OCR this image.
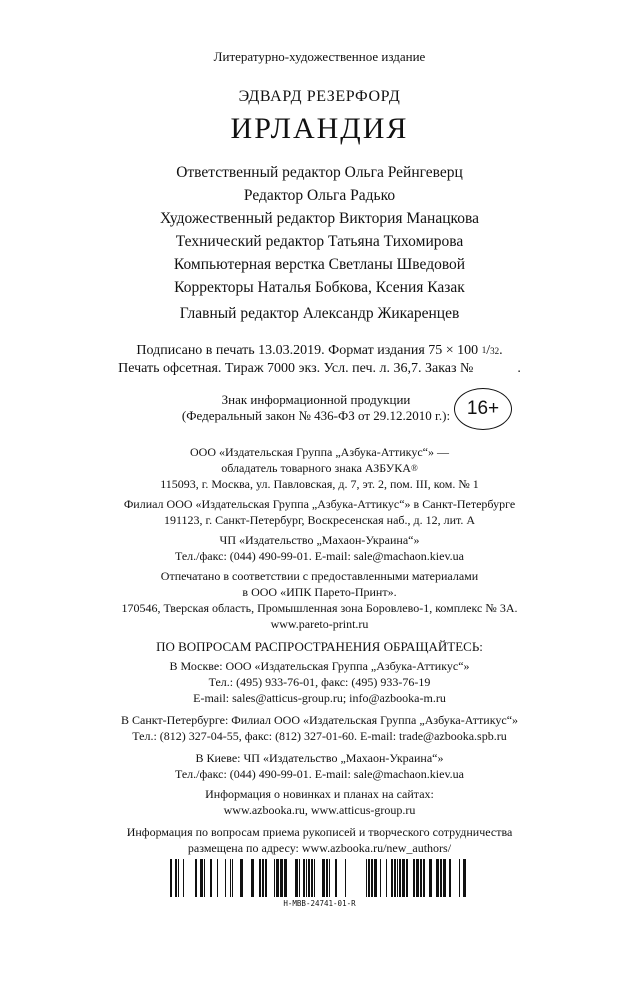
Литературно-художественное издание
ЭДВАРД РЕЗЕРФОРД
ИРЛАНДИЯ
Ответственный редактор Ольга Рейнгеверц
Редактор Ольга Радько
Художественный редактор Виктория Манацкова
Технический редактор Татьяна Тихомирова
Компьютерная верстка Светланы Шведовой
Корректоры Наталья Бобкова, Ксения Казак
Главный редактор Александр Жикаренцев
Подписано в печать 13.03.2019. Формат издания 75 × 100 $^1$/32.
Печать офсетная. Тираж 7000 экз. Усл. печ. л. 36,7. Заказ №	.
Знак информационной продукции
(Федеральный закон № 436-ФЗ от 29.12.2010 г.): 16+
ООО «Издательская Группа „Азбука-Аттикус“» —
обладатель товарного знака АЗБУКА®
115093, г. Москва, ул. Павловская, д. 7, эт. 2, пом. III, ком. № 1
Филиал ООО «Издательская Группа „Азбука-Аттикус“» в Санкт-Петербурге
191123, г. Санкт-Петербург, Воскресенская наб., д. 12, лит. А
ЧП «Издательство „Махаон-Украина“»
Тел./факс: (044) 490-99-01. E-mail: sale@machaon.kiev.ua
Отпечатано в соответствии с предоставленными материалами
в ООО «ИПК Парето-Принт».
170546, Тверская область, Промышленная зона Боровлево-1, комплекс № 3А.
www.pareto-print.ru
ПО ВОПРОСАМ РАСПРОСТРАНЕНИЯ ОБРАЩАЙТЕСЬ:
В Москве: ООО «Издательская Группа „Азбука-Аттикус“»
Тел.: (495) 933-76-01, факс: (495) 933-76-19
E-mail: sales@atticus-group.ru; info@azbooka-m.ru
В Санкт-Петербурге: Филиал ООО «Издательская Группа „Азбука-Аттикус“»
Тел.: (812) 327-04-55, факс: (812) 327-01-60. E-mail: trade@azbooka.spb.ru
В Киеве: ЧП «Издательство „Махаон-Украина“»
Тел./факс: (044) 490-99-01. E-mail: sale@machaon.kiev.ua
Информация о новинках и планах на сайтах:
www.azbooka.ru, www.atticus-group.ru
Информация по вопросам приема рукописей и творческого сотрудничества
размещена по адресу: www.azbooka.ru/new_authors/
H-MBB-24741-01-R
